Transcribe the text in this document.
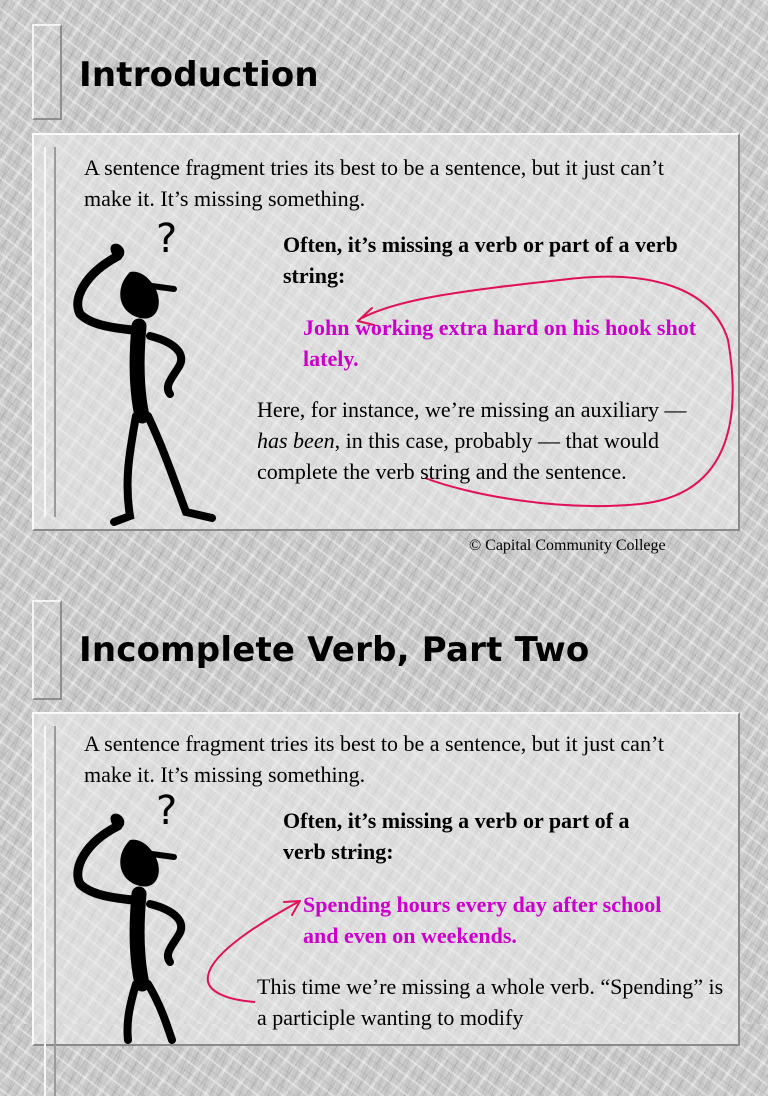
Introduction

A sentence fragment tries its best to be a sentence, but it just can’t make it. It’s missing something.

?	Often, it’s missing a verb or part of a verb string:

John working extra hard on his hook shot lately.

Here, for instance, we’re missing an auxiliary — has been, in this case, probably — that would complete the verb string and the sentence.

© Capital Community College

Incomplete Verb, Part Two

A sentence fragment tries its best to be a sentence, but it just can’t make it. It’s missing something.

?	Often, it’s missing a verb or part of a verb string:

Spending hours every day after school and even on weekends.

This time we’re missing a whole verb. “Spending” is a participle wanting to modify
